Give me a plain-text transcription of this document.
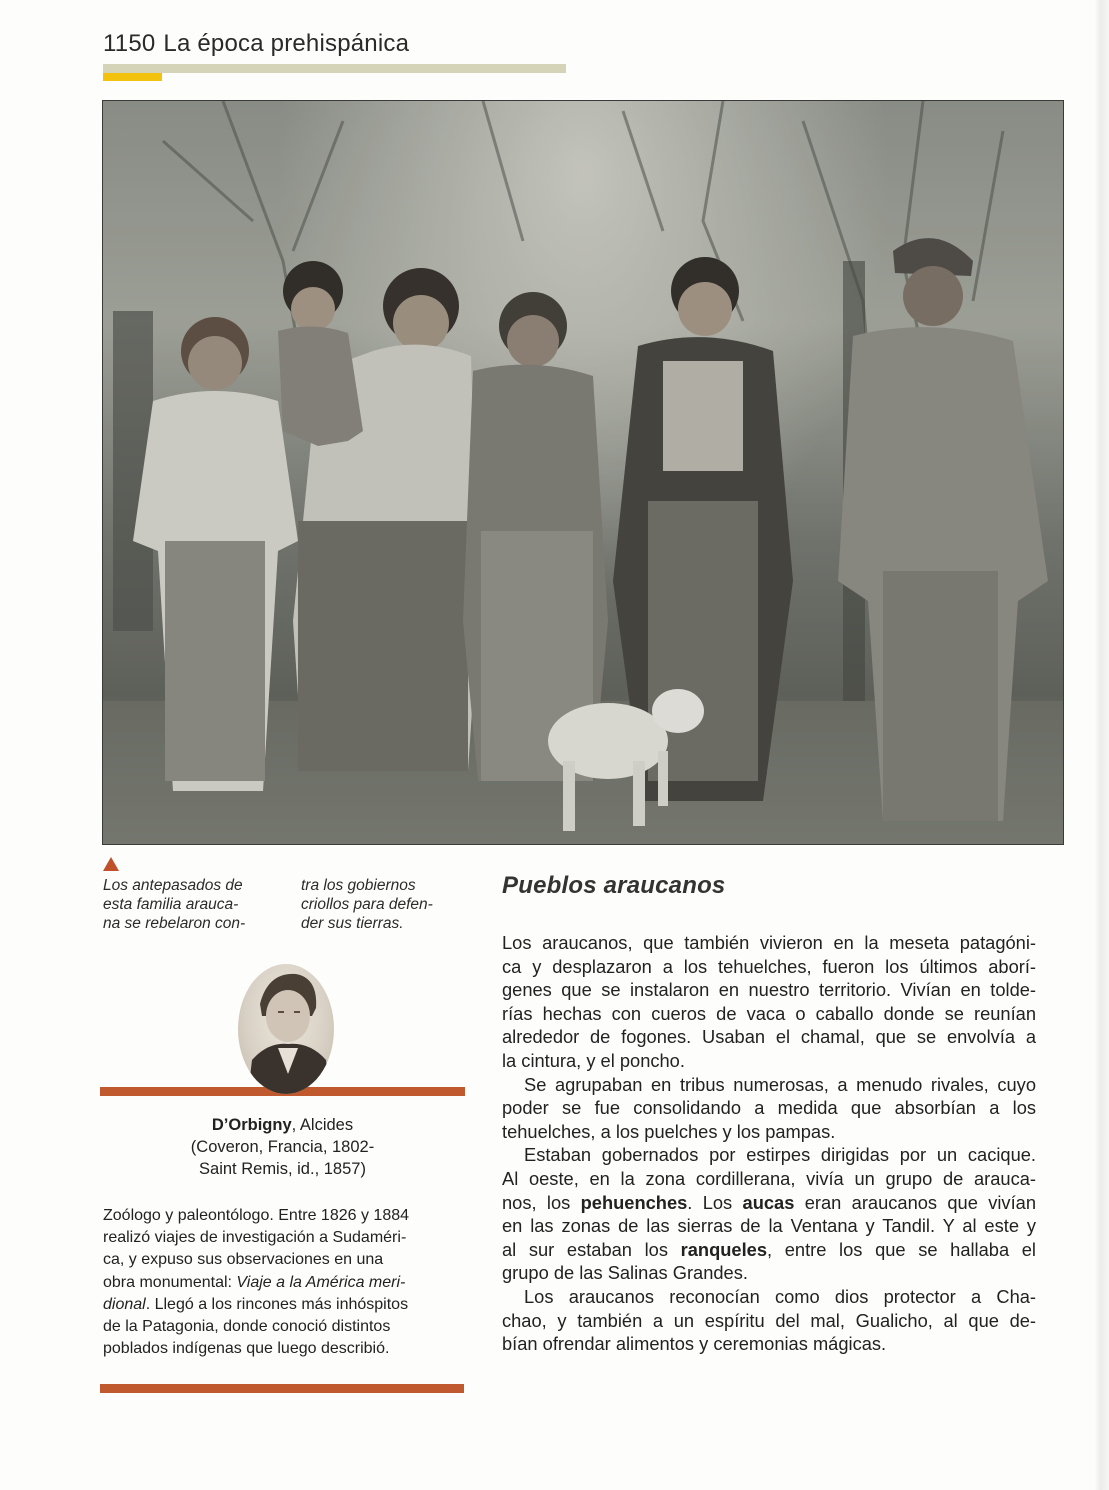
1150 La época prehispánica
Los antepasados de
esta familia arauca-
na se rebelaron con-
tra los gobiernos
criollos para defen-
der sus tierras.
D’Orbigny, Alcides
(Coveron, Francia, 1802-
Saint Remis, id., 1857)
Zoólogo y paleontólogo. Entre 1826 y 1884
realizó viajes de investigación a Sudaméri-
ca, y expuso sus observaciones en una
obra monumental: Viaje a la América meri-
dional. Llegó a los rincones más inhóspitos
de la Patagonia, donde conoció distintos
poblados indígenas que luego describió.
Pueblos araucanos
Los araucanos, que también vivieron en la meseta patagóni-
ca y desplazaron a los tehuelches, fueron los últimos aborí-
genes que se instalaron en nuestro territorio. Vivían en tolde-
rías hechas con cueros de vaca o caballo donde se reunían
alrededor de fogones. Usaban el chamal, que se envolvía a
la cintura, y el poncho.
Se agrupaban en tribus numerosas, a menudo rivales, cuyo
poder se fue consolidando a medida que absorbían a los
tehuelches, a los puelches y los pampas.
Estaban gobernados por estirpes dirigidas por un cacique.
Al oeste, en la zona cordillerana, vivía un grupo de arauca-
nos, los pehuenches. Los aucas eran araucanos que vivían
en las zonas de las sierras de la Ventana y Tandil. Y al este y
al sur estaban los ranqueles, entre los que se hallaba el
grupo de las Salinas Grandes.
Los araucanos reconocían como dios protector a Cha-
chao, y también a un espíritu del mal, Gualicho, al que de-
bían ofrendar alimentos y ceremonias mágicas.
